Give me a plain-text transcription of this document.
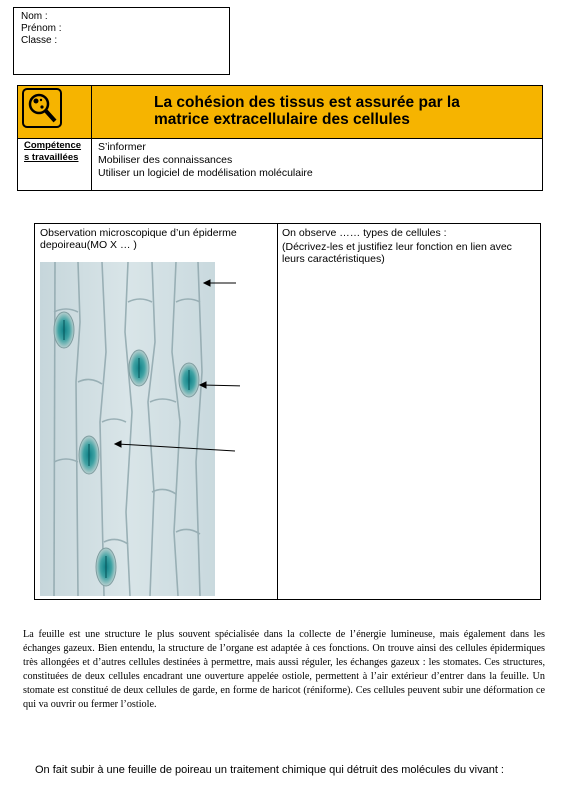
Nom :
Prénom :
Classe :
La cohésion des tissus est assurée par la
matrice extracellulaire des cellules
Compétence
s travaillées
S’informer
Mobiliser des connaissances
Utiliser un logiciel de modélisation moléculaire
Observation microscopique d’un épiderme
depoireau(MO X … )
On observe …… types de cellules :
(Décrivez-les et justifiez leur fonction en lien avec leurs caractéristiques)
La feuille est une structure le plus souvent spécialisée dans la collecte de l’énergie lumineuse, mais également dans les échanges gazeux. Bien entendu, la structure de l’organe est adaptée à ces fonctions. On trouve ainsi des cellules épidermiques très allongées et d’autres cellules destinées à permettre, mais aussi réguler, les échanges gazeux : les stomates. Ces structures, constituées de deux cellules encadrant une ouverture appelée ostiole, permettent à l’air extérieur d’entrer dans la feuille. Un stomate est constitué de deux cellules de garde, en forme de haricot (réniforme). Ces cellules peuvent subir une déformation ce qui va ouvrir ou fermer l’ostiole.
On fait subir à une feuille de poireau un traitement chimique qui détruit des molécules du vivant :
